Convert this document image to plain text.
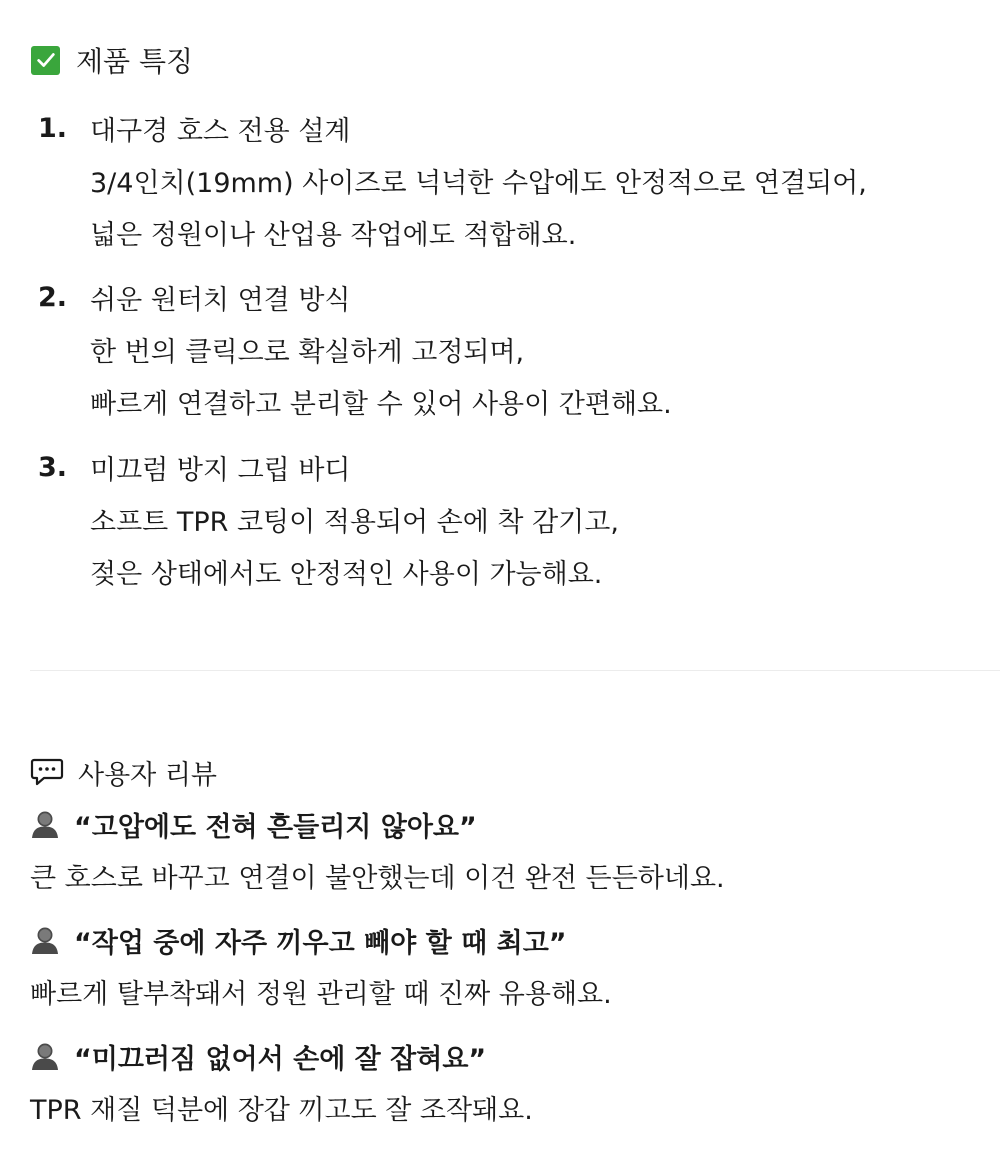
제품 특징
1. 대구경 호스 전용 설계
3/4인치(19mm) 사이즈로 넉넉한 수압에도 안정적으로 연결되어,
넓은 정원이나 산업용 작업에도 적합해요.
2. 쉬운 원터치 연결 방식
한 번의 클릭으로 확실하게 고정되며,
빠르게 연결하고 분리할 수 있어 사용이 간편해요.
3. 미끄럼 방지 그립 바디
소프트 TPR 코팅이 적용되어 손에 착 감기고,
젖은 상태에서도 안정적인 사용이 가능해요.
사용자 리뷰
“고압에도 전혀 흔들리지 않아요”
큰 호스로 바꾸고 연결이 불안했는데 이건 완전 든든하네요.
“작업 중에 자주 끼우고 빼야 할 때 최고”
빠르게 탈부착돼서 정원 관리할 때 진짜 유용해요.
“미끄러짐 없어서 손에 잘 잡혀요”
TPR 재질 덕분에 장갑 끼고도 잘 조작돼요.
